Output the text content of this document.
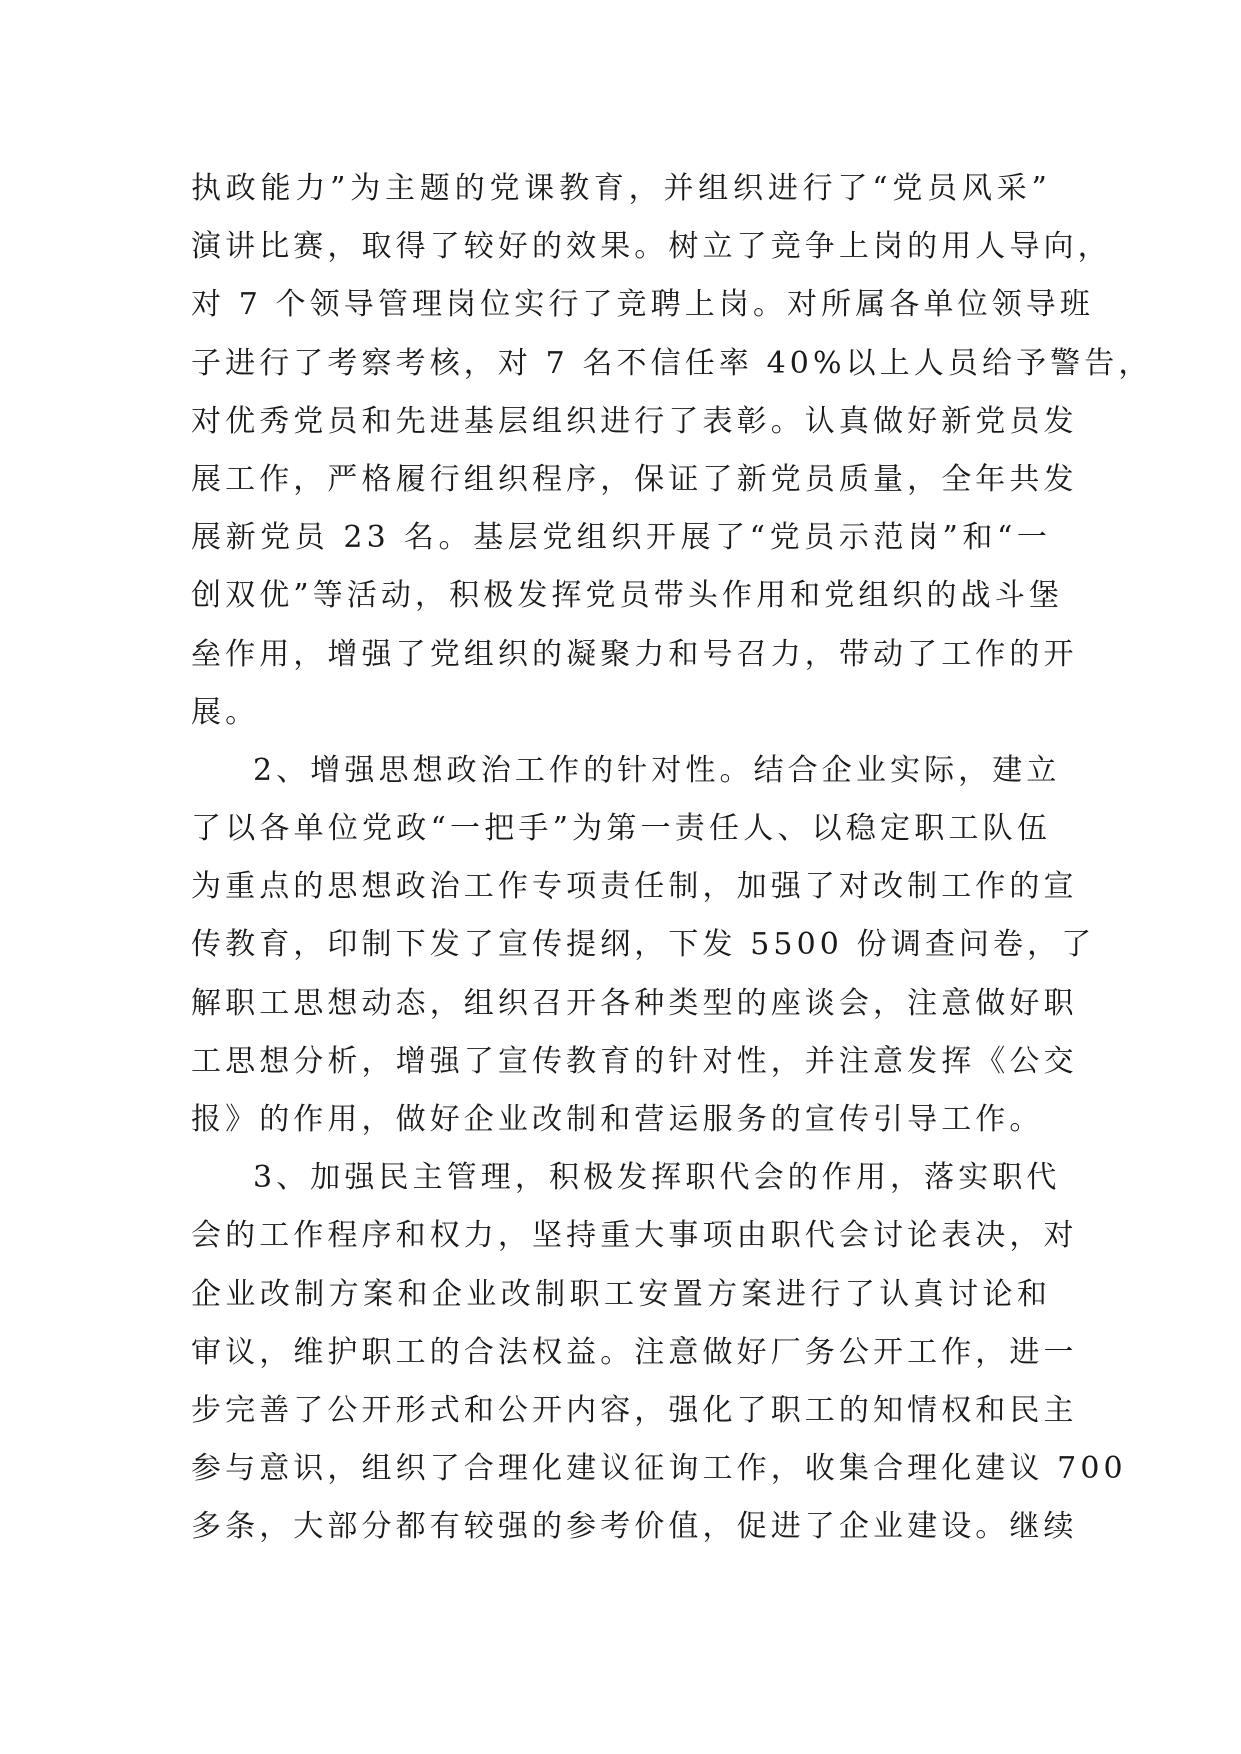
执政能力”为主题的党课教育，并组织进行了“党员风采”
演讲比赛，取得了较好的效果。树立了竞争上岗的用人导向，
对 7 个领导管理岗位实行了竞聘上岗。对所属各单位领导班
子进行了考察考核，对 7 名不信任率 40%以上人员给予警告，
对优秀党员和先进基层组织进行了表彰。认真做好新党员发
展工作，严格履行组织程序，保证了新党员质量，全年共发
展新党员 23 名。基层党组织开展了“党员示范岗”和“一
创双优”等活动，积极发挥党员带头作用和党组织的战斗堡
垒作用，增强了党组织的凝聚力和号召力，带动了工作的开
展。
2、增强思想政治工作的针对性。结合企业实际，建立
了以各单位党政“一把手”为第一责任人、以稳定职工队伍
为重点的思想政治工作专项责任制，加强了对改制工作的宣
传教育，印制下发了宣传提纲，下发 5500 份调查问卷，了
解职工思想动态，组织召开各种类型的座谈会，注意做好职
工思想分析，增强了宣传教育的针对性，并注意发挥《公交
报》的作用，做好企业改制和营运服务的宣传引导工作。
3、加强民主管理，积极发挥职代会的作用，落实职代
会的工作程序和权力，坚持重大事项由职代会讨论表决，对
企业改制方案和企业改制职工安置方案进行了认真讨论和
审议，维护职工的合法权益。注意做好厂务公开工作，进一
步完善了公开形式和公开内容，强化了职工的知情权和民主
参与意识，组织了合理化建议征询工作，收集合理化建议 700
多条，大部分都有较强的参考价值，促进了企业建设。继续
